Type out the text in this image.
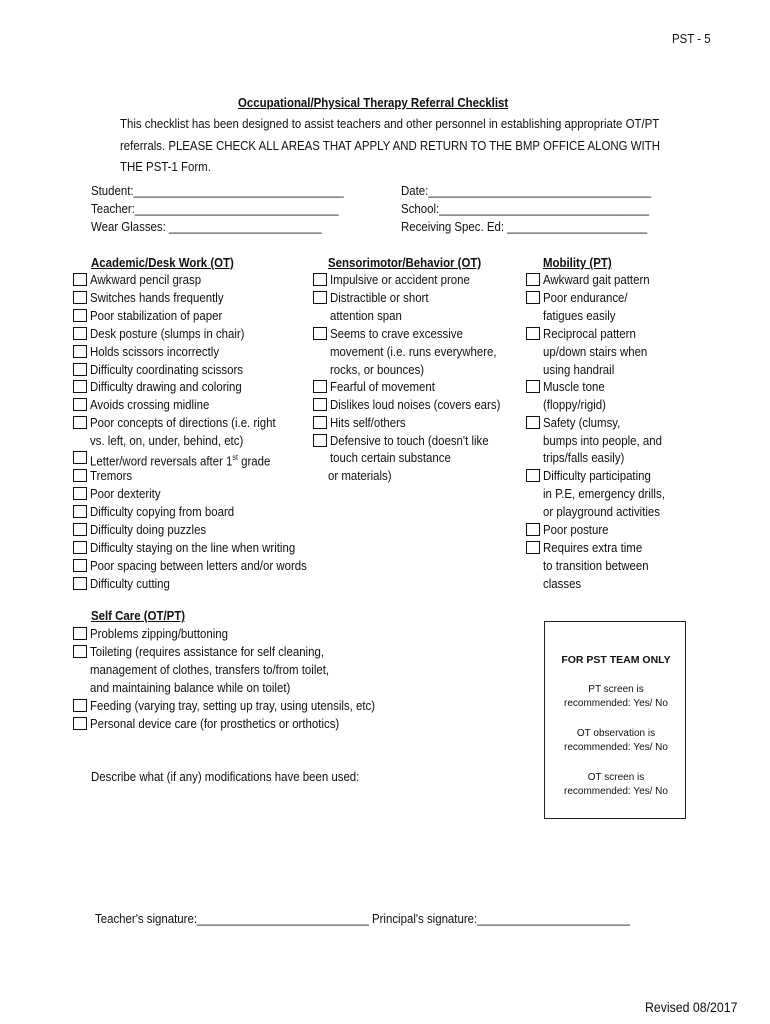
PST - 5
Occupational/Physical Therapy Referral Checklist
This checklist has been designed to assist teachers and other personnel in establishing appropriate OT/PT
referrals. PLEASE CHECK ALL AREAS THAT APPLY AND RETURN TO THE BMP OFFICE ALONG WITH
THE PST-1 Form.
Student:_________________________________
Teacher:________________________________
Wear Glasses: ________________________
Date:___________________________________
School:_________________________________
Receiving Spec. Ed: ______________________
Academic/Desk Work (OT)
Awkward pencil grasp
Switches hands frequently
Poor stabilization of paper
Desk posture (slumps in chair)
Holds scissors incorrectly
Difficulty coordinating scissors
Difficulty drawing and coloring
Avoids crossing midline
Poor concepts of directions (i.e. right
vs. left, on, under, behind, etc)
Letter/word reversals after 1st grade
Tremors
Poor dexterity
Difficulty copying from board
Difficulty doing puzzles
Difficulty staying on the line when writing
Poor spacing between letters and/or words
Difficulty cutting
Sensorimotor/Behavior (OT)
Impulsive or accident prone
Distractible or short
attention span
Seems to crave excessive
movement (i.e. runs everywhere,
rocks, or bounces)
Fearful of movement
Dislikes loud noises (covers ears)
Hits self/others
Defensive to touch (doesn't like
touch certain substance
or materials)
Mobility (PT)
Awkward gait pattern
Poor endurance/
fatigues easily
Reciprocal pattern
up/down stairs when
using handrail
Muscle tone
(floppy/rigid)
Safety (clumsy,
bumps into people, and
trips/falls easily)
Difficulty participating
in P.E, emergency drills,
or playground activities
Poor posture
Requires extra time
to transition between
classes
Self Care (OT/PT)
Problems zipping/buttoning
Toileting (requires assistance for self cleaning,
management of clothes, transfers to/from toilet,
and maintaining balance while on toilet)
Feeding (varying tray, setting up tray, using utensils, etc)
Personal device care (for prosthetics or orthotics)
Describe what (if any) modifications have been used:
FOR PST TEAM ONLY
PT screen is
recommended: Yes/ No
OT observation is
recommended: Yes/ No
OT screen is
recommended: Yes/ No
Teacher's signature:___________________________ Principal's signature:________________________
Revised 08/2017
